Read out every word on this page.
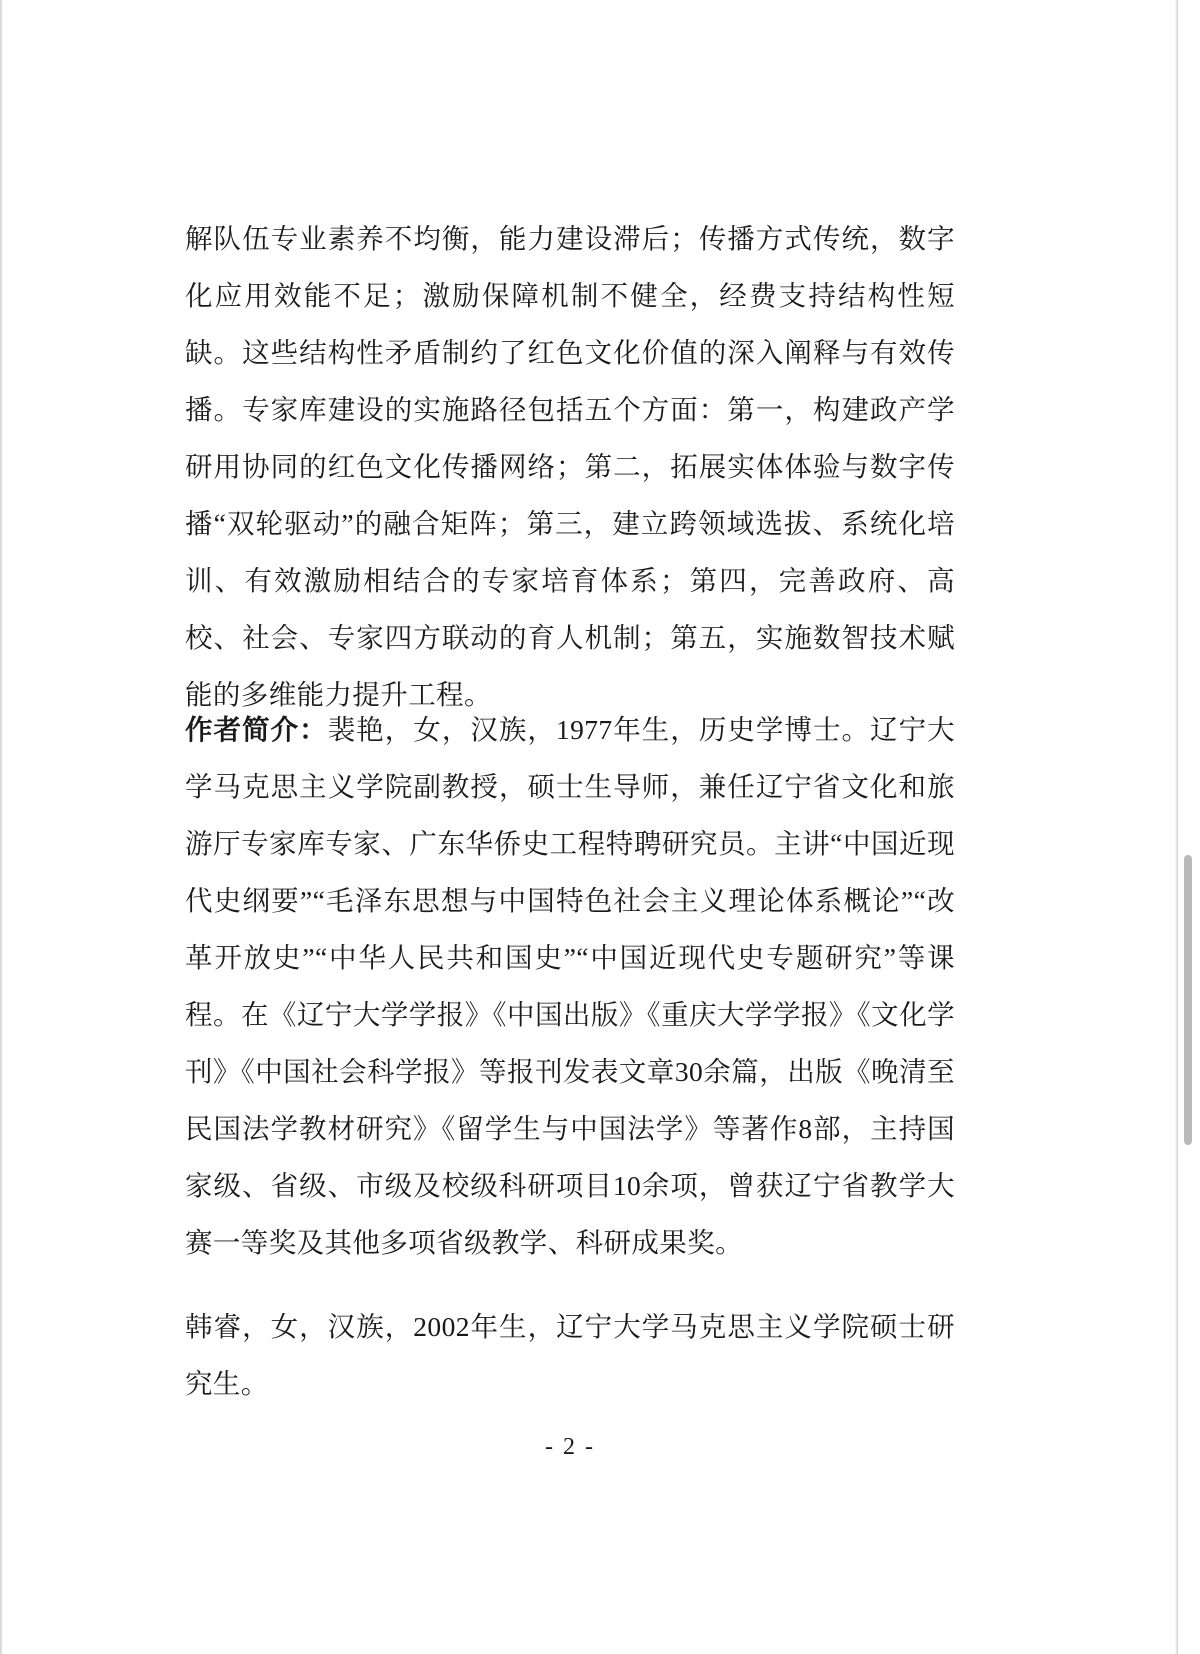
解队伍专业素养不均衡，能力建设滞后；传播方式传统，数字化应用效能不足；激励保障机制不健全，经费支持结构性短缺。这些结构性矛盾制约了红色文化价值的深入阐释与有效传播。专家库建设的实施路径包括五个方面：第一，构建政产学研用协同的红色文化传播网络；第二，拓展实体体验与数字传播“双轮驱动”的融合矩阵；第三，建立跨领域选拔、系统化培训、有效激励相结合的专家培育体系；第四，完善政府、高校、社会、专家四方联动的育人机制；第五，实施数智技术赋能的多维能力提升工程。

作者简介：裴艳，女，汉族，1977年生，历史学博士。辽宁大学马克思主义学院副教授，硕士生导师，兼任辽宁省文化和旅游厅专家库专家、广东华侨史工程特聘研究员。主讲“中国近现代史纲要”“毛泽东思想与中国特色社会主义理论体系概论”“改革开放史”“中华人民共和国史”“中国近现代史专题研究”等课程。在《辽宁大学学报》《中国出版》《重庆大学学报》《文化学刊》《中国社会科学报》等报刊发表文章30余篇，出版《晚清至民国法学教材研究》《留学生与中国法学》等著作8部，主持国家级、省级、市级及校级科研项目10余项，曾获辽宁省教学大赛一等奖及其他多项省级教学、科研成果奖。

韩睿，女，汉族，2002年生，辽宁大学马克思主义学院硕士研究生。

- 2 -
